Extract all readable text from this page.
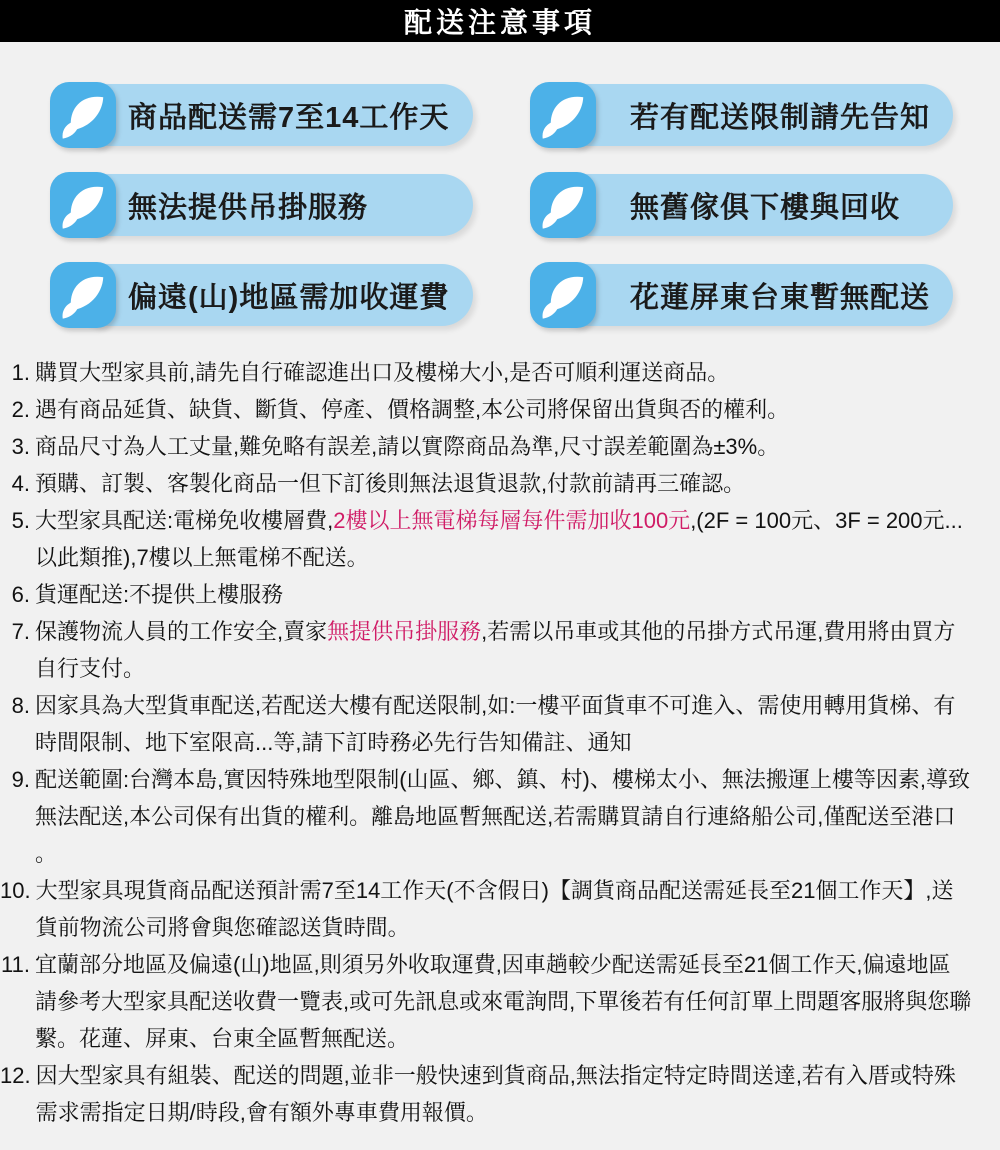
配送注意事項
商品配送需7至14工作天	若有配送限制請先告知
無法提供吊掛服務	無舊傢俱下樓與回收
偏遠(山)地區需加收運費	花蓮屏東台東暫無配送
1. 購買大型家具前,請先自行確認進出口及樓梯大小,是否可順利運送商品。
2. 遇有商品延貨、缺貨、斷貨、停產、價格調整,本公司將保留出貨與否的權利。
3. 商品尺寸為人工丈量,難免略有誤差,請以實際商品為準,尺寸誤差範圍為±3%。
4. 預購、訂製、客製化商品一但下訂後則無法退貨退款,付款前請再三確認。
5. 大型家具配送:電梯免收樓層費,2樓以上無電梯每層每件需加收100元,(2F = 100元、3F = 200元...以此類推),7樓以上無電梯不配送。
6. 貨運配送:不提供上樓服務
7. 保護物流人員的工作安全,賣家無提供吊掛服務,若需以吊車或其他的吊掛方式吊運,費用將由買方自行支付。
8. 因家具為大型貨車配送,若配送大樓有配送限制,如:一樓平面貨車不可進入、需使用轉用貨梯、有時間限制、地下室限高...等,請下訂時務必先行告知備註、通知
9. 配送範圍:台灣本島,實因特殊地型限制(山區、鄉、鎮、村)、樓梯太小、無法搬運上樓等因素,導致無法配送,本公司保有出貨的權利。離島地區暫無配送,若需購買請自行連絡船公司,僅配送至港口。
10. 大型家具現貨商品配送預計需7至14工作天(不含假日)【調貨商品配送需延長至21個工作天】,送貨前物流公司將會與您確認送貨時間。
11. 宜蘭部分地區及偏遠(山)地區,則須另外收取運費,因車趟較少配送需延長至21個工作天,偏遠地區請參考大型家具配送收費一覽表,或可先訊息或來電詢問,下單後若有任何訂單上問題客服將與您聯繫。花蓮、屏東、台東全區暫無配送。
12. 因大型家具有組裝、配送的問題,並非一般快速到貨商品,無法指定特定時間送達,若有入厝或特殊需求需指定日期/時段,會有額外專車費用報價。
